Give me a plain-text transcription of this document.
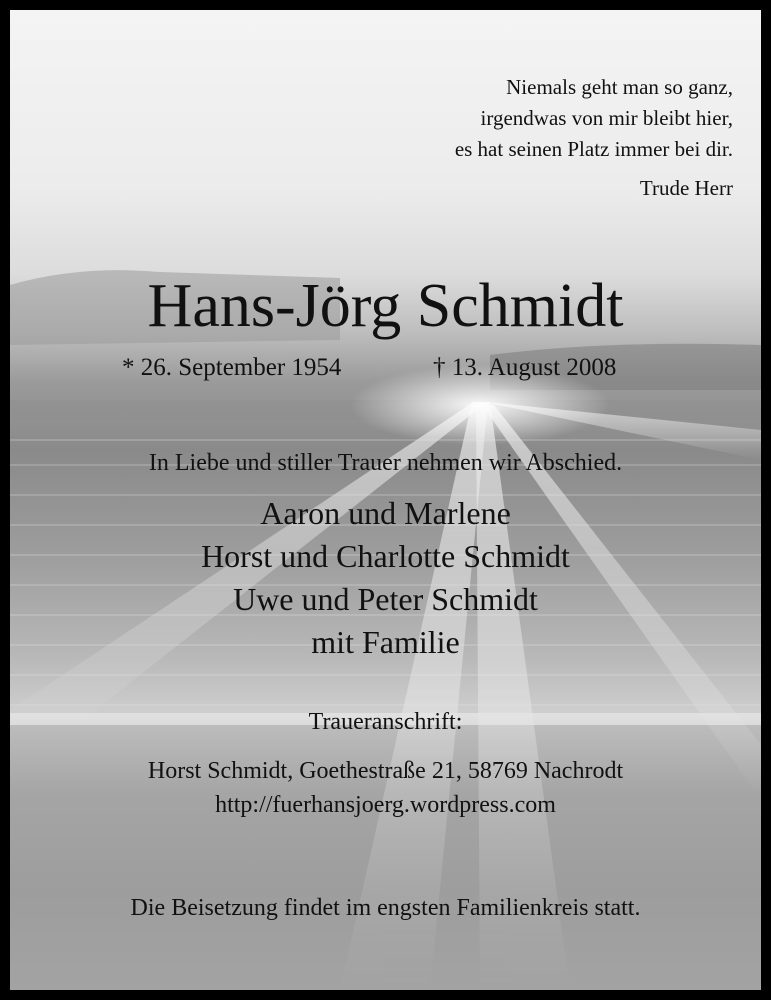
Niemals geht man so ganz,
irgendwas von mir bleibt hier,
es hat seinen Platz immer bei dir.
Trude Herr
Hans-Jörg Schmidt
* 26. September 1954	† 13. August 2008
In Liebe und stiller Trauer nehmen wir Abschied.
Aaron und Marlene
Horst und Charlotte Schmidt
Uwe und Peter Schmidt
mit Familie
Traueranschrift:
Horst Schmidt, Goethestraße 21, 58769 Nachrodt
http://fuerhansjoerg.wordpress.com
Die Beisetzung findet im engsten Familienkreis statt.
